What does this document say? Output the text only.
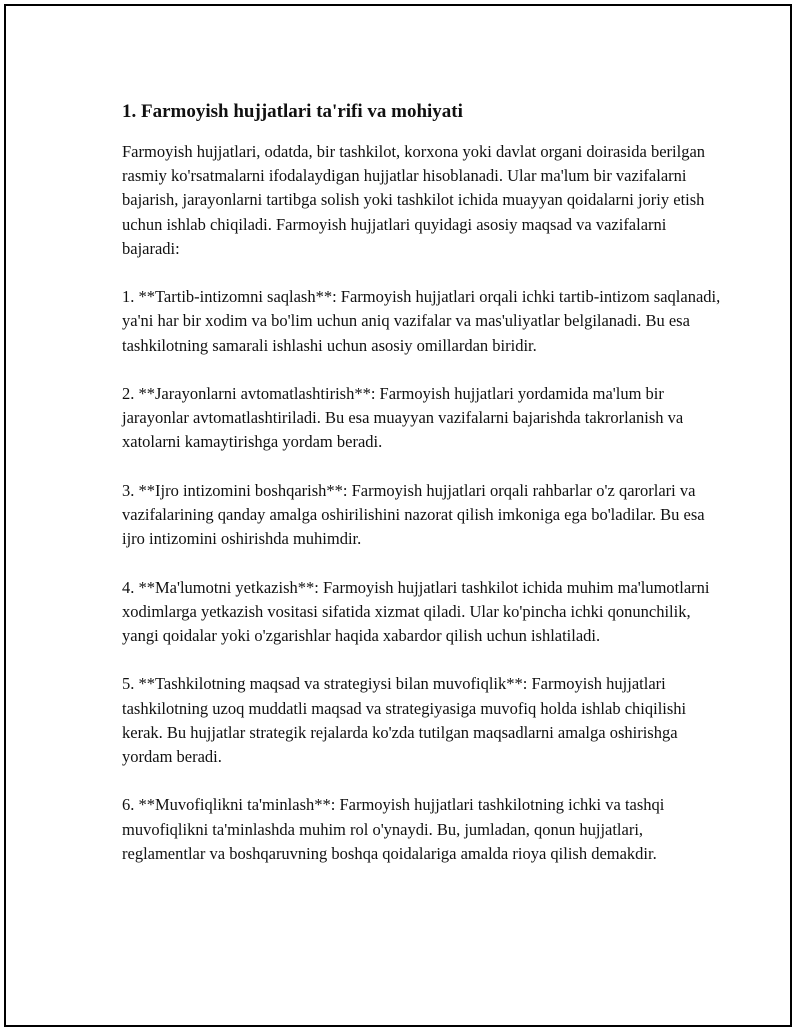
1. Farmoyish hujjatlari ta'rifi va mohiyati
Farmoyish hujjatlari, odatda, bir tashkilot, korxona yoki davlat organi doirasida berilgan rasmiy ko'rsatmalarni ifodalaydigan hujjatlar hisoblanadi. Ular ma'lum bir vazifalarni bajarish, jarayonlarni tartibga solish yoki tashkilot ichida muayyan qoidalarni joriy etish uchun ishlab chiqiladi. Farmoyish hujjatlari quyidagi asosiy maqsad va vazifalarni bajaradi:
1. **Tartib-intizomni saqlash**: Farmoyish hujjatlari orqali ichki tartib-intizom saqlanadi, ya'ni har bir xodim va bo'lim uchun aniq vazifalar va mas'uliyatlar belgilanadi. Bu esa tashkilotning samarali ishlashi uchun asosiy omillardan biridir.
2. **Jarayonlarni avtomatlashtirish**: Farmoyish hujjatlari yordamida ma'lum bir jarayonlar avtomatlashtiriladi. Bu esa muayyan vazifalarni bajarishda takrorlanish va xatolarni kamaytirishga yordam beradi.
3. **Ijro intizomini boshqarish**: Farmoyish hujjatlari orqali rahbarlar o'z qarorlari va vazifalarining qanday amalga oshirilishini nazorat qilish imkoniga ega bo'ladilar. Bu esa ijro intizomini oshirishda muhimdir.
4. **Ma'lumotni yetkazish**: Farmoyish hujjatlari tashkilot ichida muhim ma'lumotlarni xodimlarga yetkazish vositasi sifatida xizmat qiladi. Ular ko'pincha ichki qonunchilik, yangi qoidalar yoki o'zgarishlar haqida xabardor qilish uchun ishlatiladi.
5. **Tashkilotning maqsad va strategiysi bilan muvofiqlik**: Farmoyish hujjatlari tashkilotning uzoq muddatli maqsad va strategiyasiga muvofiq holda ishlab chiqilishi kerak. Bu hujjatlar strategik rejalarda ko'zda tutilgan maqsadlarni amalga oshirishga yordam beradi.
6. **Muvofiqlikni ta'minlash**: Farmoyish hujjatlari tashkilotning ichki va tashqi muvofiqlikni ta'minlashda muhim rol o'ynaydi. Bu, jumladan, qonun hujjatlari, reglamentlar va boshqaruvning boshqa qoidalariga amalda rioya qilish demakdir.
